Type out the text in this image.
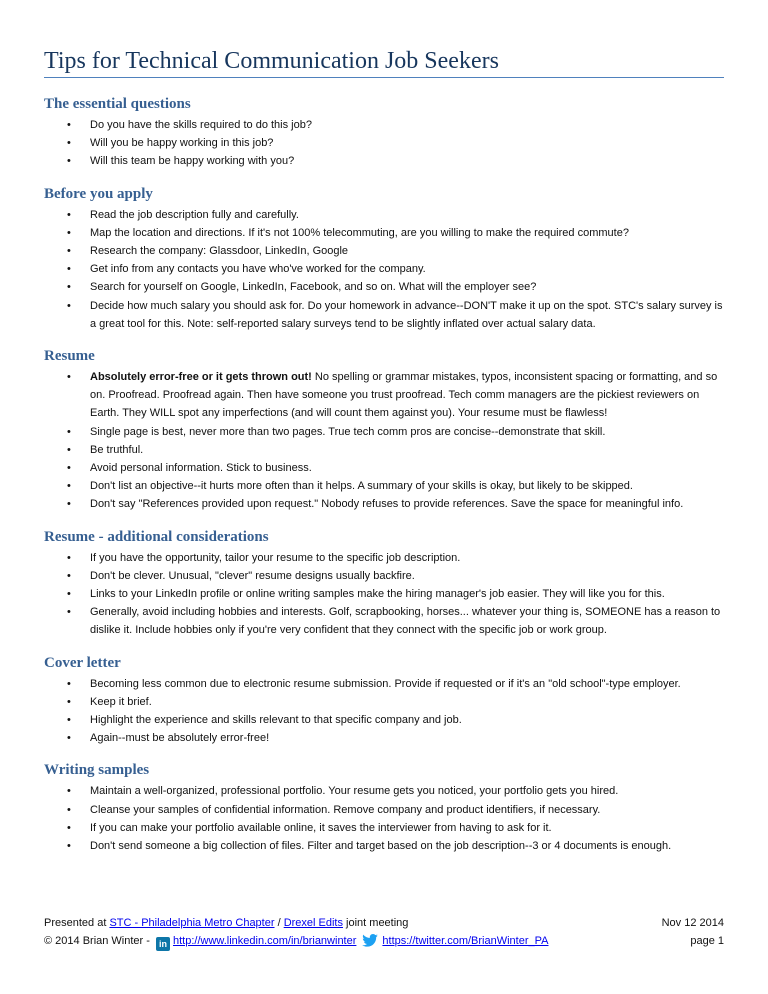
Tips for Technical Communication Job Seekers
The essential questions
• Do you have the skills required to do this job?
• Will you be happy working in this job?
• Will this team be happy working with you?
Before you apply
• Read the job description fully and carefully.
• Map the location and directions. If it's not 100% telecommuting, are you willing to make the required commute?
• Research the company: Glassdoor, LinkedIn, Google
• Get info from any contacts you have who've worked for the company.
• Search for yourself on Google, LinkedIn, Facebook, and so on. What will the employer see?
• Decide how much salary you should ask for. Do your homework in advance--DON'T make it up on the spot. STC's salary survey is a great tool for this. Note: self-reported salary surveys tend to be slightly inflated over actual salary data.
Resume
• Absolutely error-free or it gets thrown out! No spelling or grammar mistakes, typos, inconsistent spacing or formatting, and so on. Proofread. Proofread again. Then have someone you trust proofread. Tech comm managers are the pickiest reviewers on Earth. They WILL spot any imperfections (and will count them against you). Your resume must be flawless!
• Single page is best, never more than two pages. True tech comm pros are concise--demonstrate that skill.
• Be truthful.
• Avoid personal information. Stick to business.
• Don't list an objective--it hurts more often than it helps. A summary of your skills is okay, but likely to be skipped.
• Don't say "References provided upon request." Nobody refuses to provide references. Save the space for meaningful info.
Resume - additional considerations
• If you have the opportunity, tailor your resume to the specific job description.
• Don't be clever. Unusual, "clever" resume designs usually backfire.
• Links to your LinkedIn profile or online writing samples make the hiring manager's job easier. They will like you for this.
• Generally, avoid including hobbies and interests. Golf, scrapbooking, horses... whatever your thing is, SOMEONE has a reason to dislike it. Include hobbies only if you're very confident that they connect with the specific job or work group.
Cover letter
• Becoming less common due to electronic resume submission. Provide if requested or if it's an "old school"-type employer.
• Keep it brief.
• Highlight the experience and skills relevant to that specific company and job.
• Again--must be absolutely error-free!
Writing samples
• Maintain a well-organized, professional portfolio. Your resume gets you noticed, your portfolio gets you hired.
• Cleanse your samples of confidential information. Remove company and product identifiers, if necessary.
• If you can make your portfolio available online, it saves the interviewer from having to ask for it.
• Don't send someone a big collection of files. Filter and target based on the job description--3 or 4 documents is enough.
Presented at STC - Philadelphia Metro Chapter / Drexel Edits joint meeting	Nov 12 2014
© 2014 Brian Winter - in http://www.linkedin.com/in/brianwinter https://twitter.com/BrianWinter_PA	page 1
